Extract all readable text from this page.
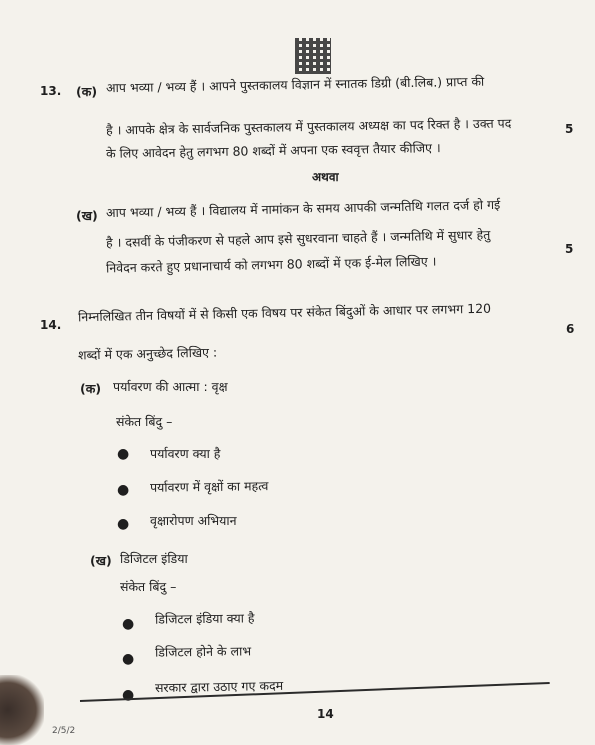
13. (क) आप भव्या / भव्य हैं । आपने पुस्तकालय विज्ञान में स्नातक डिग्री (बी.लिब.) प्राप्त की
है । आपके क्षेत्र के सार्वजनिक पुस्तकालय में पुस्तकालय अध्यक्ष का पद रिक्त है । उक्त पद
के लिए आवेदन हेतु लगभग 80 शब्दों में अपना एक स्ववृत्त तैयार कीजिए ।
5
अथवा
(ख) आप भव्या / भव्य हैं । विद्यालय में नामांकन के समय आपकी जन्मतिथि गलत दर्ज हो गई
है । दसवीं के पंजीकरण से पहले आप इसे सुधरवाना चाहते हैं । जन्मतिथि में सुधार हेतु
निवेदन करते हुए प्रधानाचार्य को लगभग 80 शब्दों में एक ई-मेल लिखिए ।
5
14.
निम्नलिखित तीन विषयों में से किसी एक विषय पर संकेत बिंदुओं के आधार पर लगभग 120
शब्दों में एक अनुच्छेद लिखिए :
6
(क) पर्यावरण की आत्मा : वृक्ष
संकेत बिंदु –
● पर्यावरण क्या है
● पर्यावरण में वृक्षों का महत्व
● वृक्षारोपण अभियान
(ख) डिजिटल इंडिया
संकेत बिंदु –
● डिजिटल इंडिया क्या है
● डिजिटल होने के लाभ
● सरकार द्वारा उठाए गए कदम
14
2/5/2
